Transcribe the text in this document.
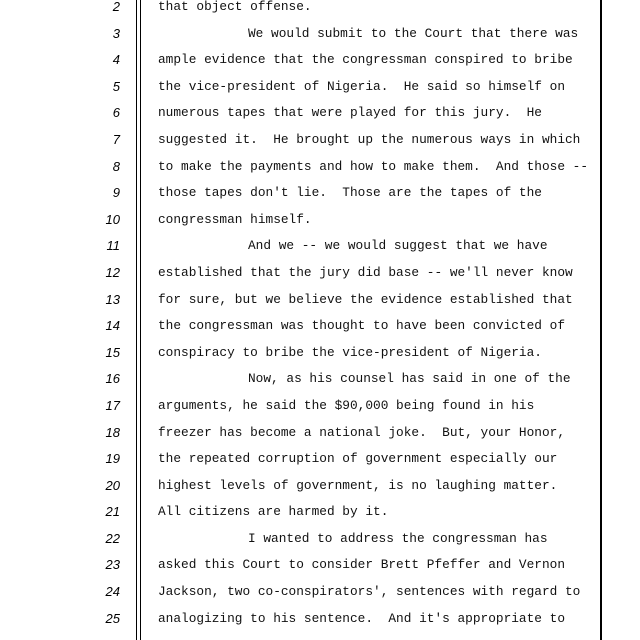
2	that object offense.
3	We would submit to the Court that there was
4	ample evidence that the congressman conspired to bribe
5	the vice-president of Nigeria.  He said so himself on
6	numerous tapes that were played for this jury.  He
7	suggested it.  He brought up the numerous ways in which
8	to make the payments and how to make them.  And those --
9	those tapes don't lie.  Those are the tapes of the
10	congressman himself.
11	And we -- we would suggest that we have
12	established that the jury did base -- we'll never know
13	for sure, but we believe the evidence established that
14	the congressman was thought to have been convicted of
15	conspiracy to bribe the vice-president of Nigeria.
16	Now, as his counsel has said in one of the
17	arguments, he said the $90,000 being found in his
18	freezer has become a national joke.  But, your Honor,
19	the repeated corruption of government especially our
20	highest levels of government, is no laughing matter.
21	All citizens are harmed by it.
22	I wanted to address the congressman has
23	asked this Court to consider Brett Pfeffer and Vernon
24	Jackson, two co-conspirators', sentences with regard to
25	analogizing to his sentence.  And it's appropriate to
